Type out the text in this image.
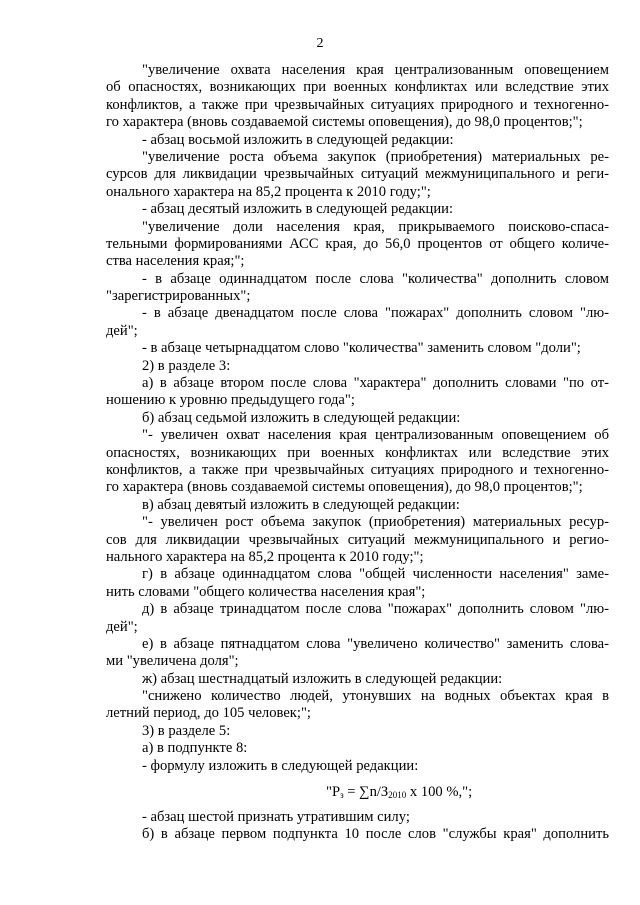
2
"увеличение охвата населения края централизованным оповещением
об опасностях, возникающих при военных конфликтах или вследствие этих
конфликтов, а также при чрезвычайных ситуациях природного и техногенно-
го характера (вновь создаваемой системы оповещения), до 98,0 процентов;";
- абзац восьмой изложить в следующей редакции:
"увеличение роста объема закупок (приобретения) материальных ре-
сурсов для ликвидации чрезвычайных ситуаций межмуниципального и реги-
онального характера на 85,2 процента к 2010 году;";
- абзац десятый изложить в следующей редакции:
"увеличение доли населения края, прикрываемого поисково-спаса-
тельными формированиями АСС края, до 56,0 процентов от общего количе-
ства населения края;";
- в абзаце одиннадцатом после слова "количества" дополнить словом
"зарегистрированных";
- в абзаце двенадцатом после слова "пожарах" дополнить словом "лю-
дей";
- в абзаце четырнадцатом слово "количества" заменить словом "доли";
2) в разделе 3:
а) в абзаце втором после слова "характера" дополнить словами "по от-
ношению к уровню предыдущего года";
б) абзац седьмой изложить в следующей редакции:
"- увеличен охват населения края централизованным оповещением об
опасностях, возникающих при военных конфликтах или вследствие этих
конфликтов, а также при чрезвычайных ситуациях природного и техногенно-
го характера (вновь создаваемой системы оповещения), до 98,0 процентов;";
в) абзац девятый изложить в следующей редакции:
"- увеличен рост объема закупок (приобретения) материальных ресур-
сов для ликвидации чрезвычайных ситуаций межмуниципального и регио-
нального характера на 85,2 процента к 2010 году;";
г) в абзаце одиннадцатом слова "общей численности населения" заме-
нить словами "общего количества населения края";
д) в абзаце тринадцатом после слова "пожарах" дополнить словом "лю-
дей";
е) в абзаце пятнадцатом слова "увеличено количество" заменить слова-
ми "увеличена доля";
ж) абзац шестнадцатый изложить в следующей редакции:
"снижено количество людей, утонувших на водных объектах края в
летний период, до 105 человек;";
3) в разделе 5:
а) в подпункте 8:
- формулу изложить в следующей редакции:
"$P_з = \sum n/З_{2010}$ х 100 %,";
- абзац шестой признать утратившим силу;
б) в абзаце первом подпункта 10 после слов "службы края" дополнить
